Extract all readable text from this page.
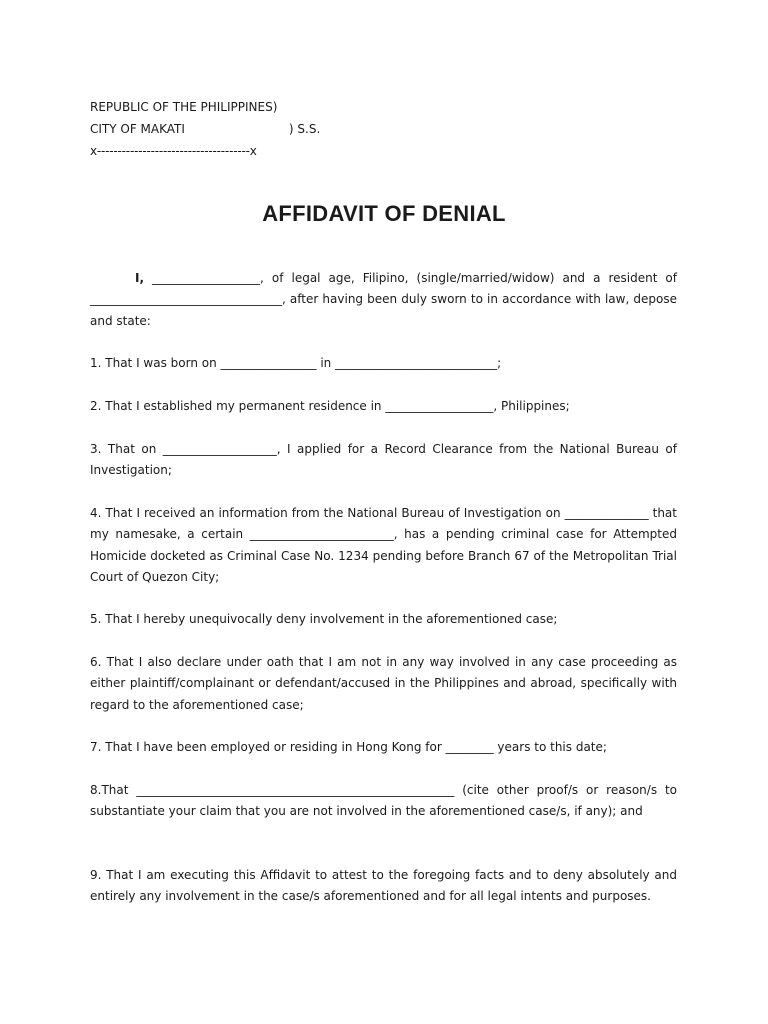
REPUBLIC OF THE PHILIPPINES)
CITY OF MAKATI	) S.S.
x-------------------------------------x
AFFIDAVIT OF DENIAL

I, __________________, of legal age, Filipino, (single/married/widow) and a resident of ________________________________, after having been duly sworn to in accordance with law, depose and state:

1. That I was born on ________________ in ___________________________;

2. That I established my permanent residence in __________________, Philippines;

3. That on ___________________, I applied for a Record Clearance from the National Bureau of Investigation;

4. That I received an information from the National Bureau of Investigation on ______________ that my namesake, a certain ________________________, has a pending criminal case for Attempted Homicide docketed as Criminal Case No. 1234 pending before Branch 67 of the Metropolitan Trial Court of Quezon City;

5. That I hereby unequivocally deny involvement in the aforementioned case;

6. That I also declare under oath that I am not in any way involved in any case proceeding as either plaintiff/complainant or defendant/accused in the Philippines and abroad, specifically with regard to the aforementioned case;

7. That I have been employed or residing in Hong Kong for ________ years to this date;

8.That _____________________________________________________ (cite other proof/s or reason/s to substantiate your claim that you are not involved in the aforementioned case/s, if any); and

9. That I am executing this Affidavit to attest to the foregoing facts and to deny absolutely and entirely any involvement in the case/s aforementioned and for all legal intents and purposes.
